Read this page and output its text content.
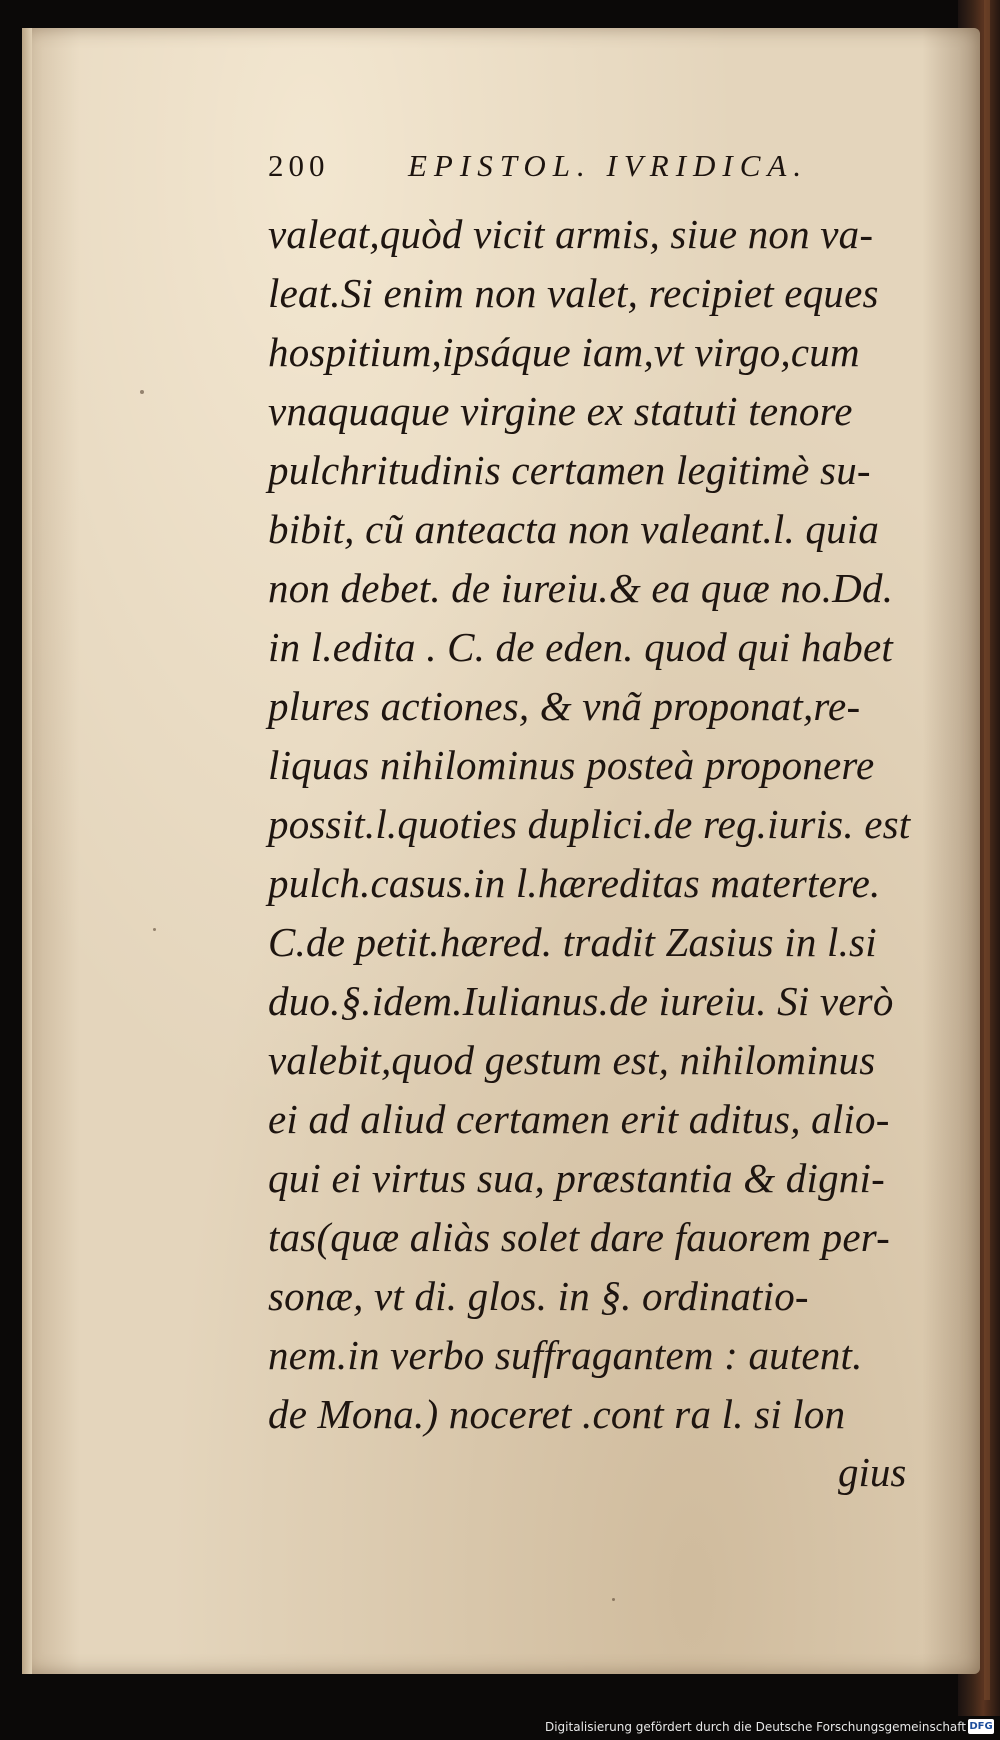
200	EPISTOL. IVRIDICA.
valeat,quòd vicit armis, siue non va-
leat.Si enim non valet, recipiet eques
hospitium,ipsáque iam,vt virgo,cum
vnaquaque virgine ex statuti tenore
pulchritudinis certamen legitimè su-
bibit, cũ anteacta non valeant.l. quia
non debet. de iureiu.& ea quæ no.Dd.
in l.edita . C. de eden. quod qui habet
plures actiones, & vnã proponat,re-
liquas nihilominus posteà proponere
possit.l.quoties duplici.de reg.iuris. est
pulch.casus.in l.hæreditas matertere.
C.de petit.hæred. tradit Zasius in l.si
duo.§.idem.Iulianus.de iureiu. Si verò
valebit,quod gestum est, nihilominus
ei ad aliud certamen erit aditus, alio-
qui ei virtus sua, præstantia & digni-
tas(quæ aliàs solet dare fauorem per-
sonæ, vt di. glos. in §. ordinatio-
nem.in verbo suffragantem : autent.
de Mona.) noceret .cont ra l. si lon
gius
Digitalisierung gefördert durch die Deutsche Forschungsgemeinschaft DFG
